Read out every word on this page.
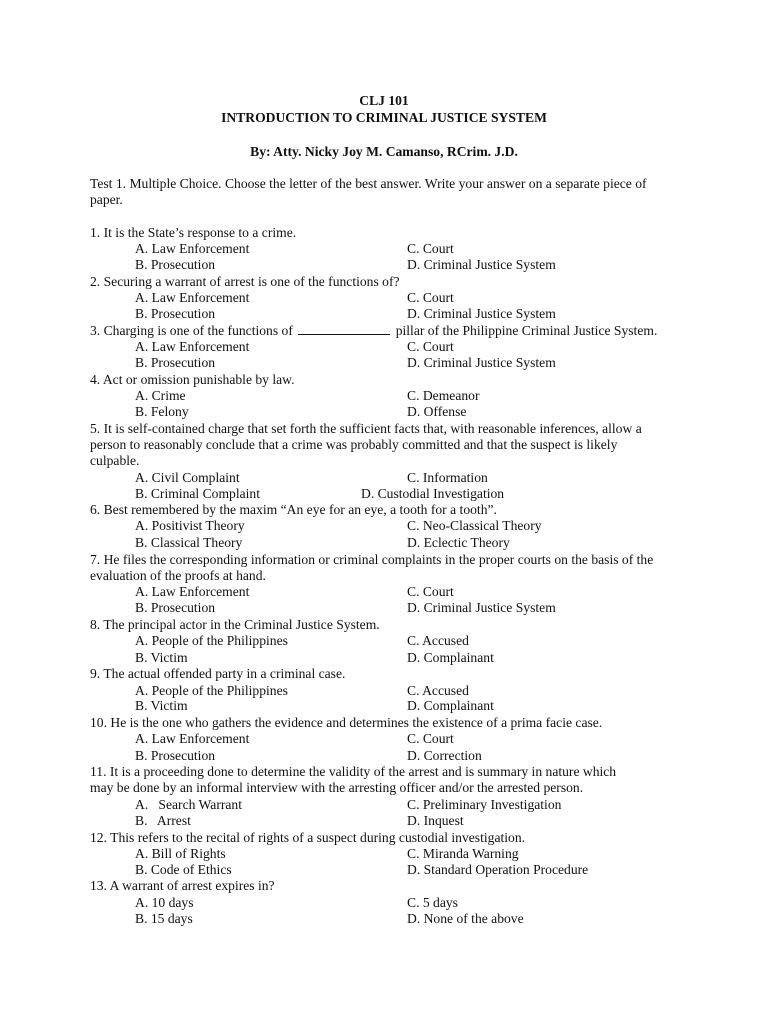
CLJ 101
INTRODUCTION TO CRIMINAL JUSTICE SYSTEM
By: Atty. Nicky Joy M. Camanso, RCrim. J.D.
Test 1. Multiple Choice. Choose the letter of the best answer. Write your answer on a separate piece of
paper.
1. It is the State’s response to a crime.
A. Law Enforcement	C. Court
B. Prosecution	D. Criminal Justice System
2. Securing a warrant of arrest is one of the functions of?
A. Law Enforcement	C. Court
B. Prosecution	D. Criminal Justice System
3. Charging is one of the functions of	pillar of the Philippine Criminal Justice System.
A. Law Enforcement	C. Court
B. Prosecution	D. Criminal Justice System
4. Act or omission punishable by law.
A. Crime	C. Demeanor
B. Felony	D. Offense
5. It is self-contained charge that set forth the sufficient facts that, with reasonable inferences, allow a
person to reasonably conclude that a crime was probably committed and that the suspect is likely
culpable.
A. Civil Complaint	C. Information
B. Criminal Complaint	D. Custodial Investigation
6. Best remembered by the maxim “An eye for an eye, a tooth for a tooth”.
A. Positivist Theory	C. Neo-Classical Theory
B. Classical Theory	D. Eclectic Theory
7. He files the corresponding information or criminal complaints in the proper courts on the basis of the
evaluation of the proofs at hand.
A. Law Enforcement	C. Court
B. Prosecution	D. Criminal Justice System
8. The principal actor in the Criminal Justice System.
A. People of the Philippines	C. Accused
B. Victim	D. Complainant
9. The actual offended party in a criminal case.
A. People of the Philippines	C. Accused
B. Victim	D. Complainant
10. He is the one who gathers the evidence and determines the existence of a prima facie case.
A. Law Enforcement	C. Court
B. Prosecution	D. Correction
11. It is a proceeding done to determine the validity of the arrest and is summary in nature which
may be done by an informal interview with the arresting officer and/or the arrested person.
A.   Search Warrant	C. Preliminary Investigation
B.   Arrest	D. Inquest
12. This refers to the recital of rights of a suspect during custodial investigation.
A. Bill of Rights	C. Miranda Warning
B. Code of Ethics	D. Standard Operation Procedure
13. A warrant of arrest expires in?
A. 10 days	C. 5 days
B. 15 days	D. None of the above
